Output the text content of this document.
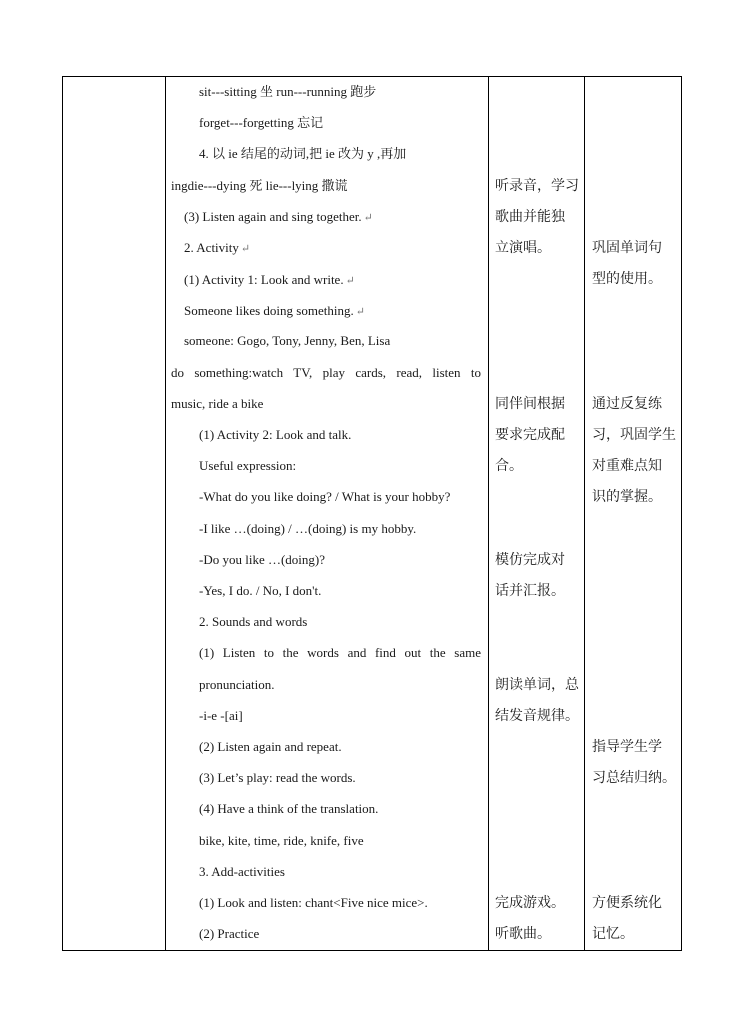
sit---sitting 坐 run---running 跑步
forget---forgetting 忘记
4. 以 ie 结尾的动词,把 ie 改为 y ,再加
ingdie---dying 死 lie---lying 撒谎
(3) Listen again and sing together. ↵
2. Activity ↵
(1) Activity 1: Look and write. ↵
Someone likes doing something. ↵
someone: Gogo, Tony, Jenny, Ben, Lisa
do something:watch TV, play cards, read, listen to
music, ride a bike
(1) Activity 2: Look and talk.
Useful expression:
-What do you like doing? / What is your hobby?
-I like …(doing) / …(doing) is my hobby.
-Do you like …(doing)?
-Yes, I do. / No, I don't.
2. Sounds and words
(1) Listen to the words and find out the same
pronunciation.
-i-e -[ai]
(2) Listen again and repeat.
(3) Let’s play: read the words.
(4) Have a think of the translation.
bike, kite, time, ride, knife, five
3. Add-activities
(1) Look and listen: chant<Five nice mice>.
(2) Practice
听录音，学习
歌曲并能独
立演唱。
同伴间根据
要求完成配
合。
模仿完成对
话并汇报。
朗读单词，总
结发音规律。
完成游戏。
听歌曲。
巩固单词句
型的使用。
通过反复练
习，巩固学生
对重难点知
识的掌握。
指导学生学
习总结归纳。
方便系统化
记忆。
